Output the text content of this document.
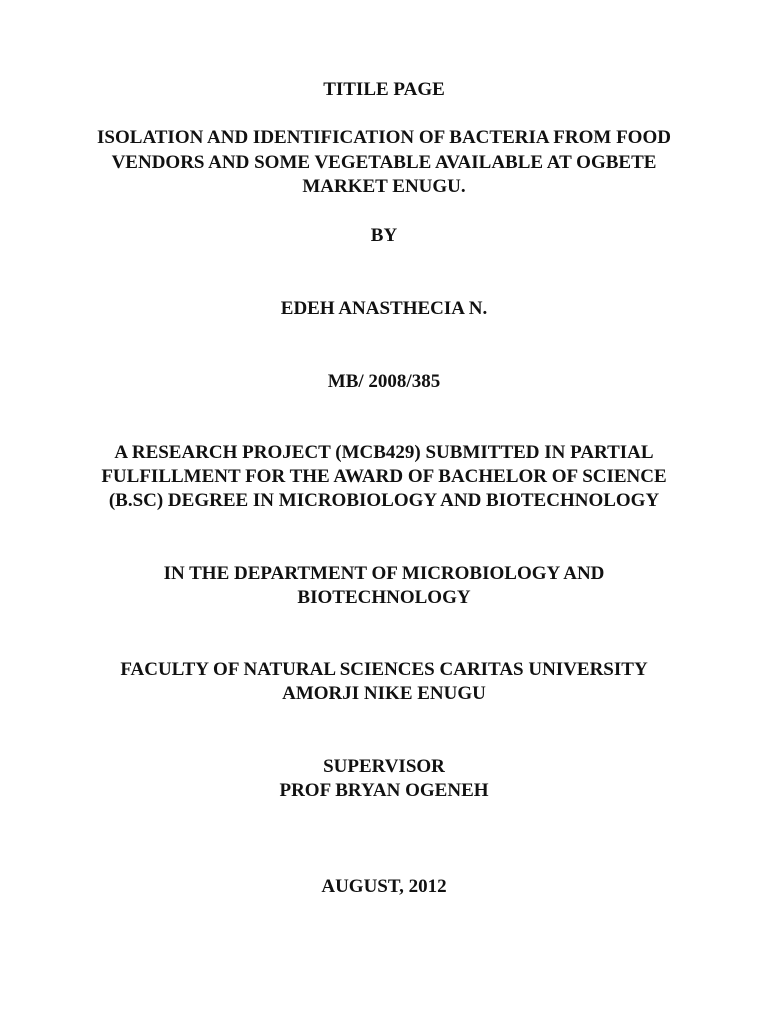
TITILE PAGE
ISOLATION AND IDENTIFICATION OF BACTERIA FROM FOOD
VENDORS AND SOME VEGETABLE AVAILABLE AT OGBETE
MARKET ENUGU.
BY
EDEH ANASTHECIA N.
MB/ 2008/385
A RESEARCH PROJECT (MCB429) SUBMITTED IN PARTIAL
FULFILLMENT FOR THE AWARD OF BACHELOR OF SCIENCE
(B.SC) DEGREE IN MICROBIOLOGY AND BIOTECHNOLOGY
IN THE DEPARTMENT OF MICROBIOLOGY AND
BIOTECHNOLOGY
FACULTY OF NATURAL SCIENCES CARITAS UNIVERSITY
AMORJI NIKE ENUGU
SUPERVISOR
PROF BRYAN OGENEH
AUGUST, 2012
